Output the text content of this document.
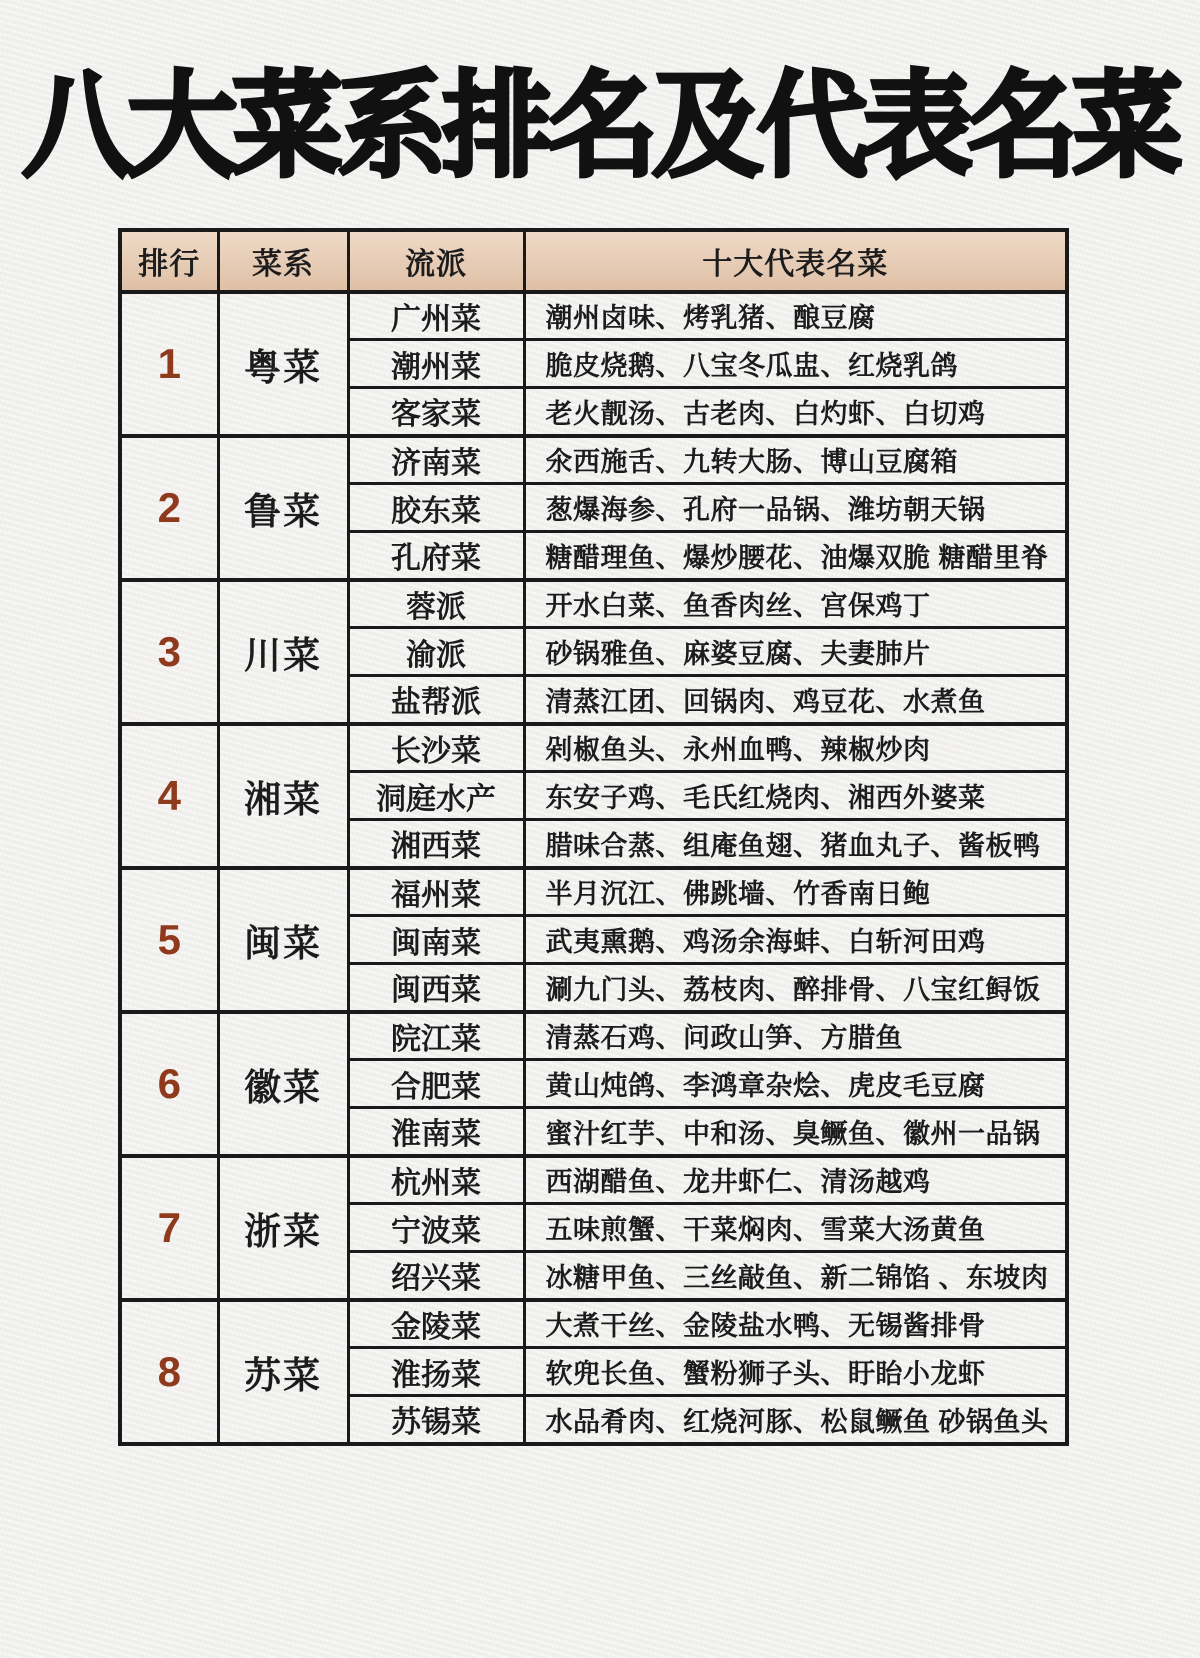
八大菜系排名及代表名菜
排行	菜系	流派	十大代表名菜
1	粤菜	广州菜	潮州卤味、烤乳猪、酿豆腐
		潮州菜	脆皮烧鹅、八宝冬瓜盅、红烧乳鸽
		客家菜	老火靓汤、古老肉、白灼虾、白切鸡
2	鲁菜	济南菜	氽西施舌、九转大肠、博山豆腐箱
		胶东菜	葱爆海参、孔府一品锅、潍坊朝天锅
		孔府菜	糖醋理鱼、爆炒腰花、油爆双脆 糖醋里脊
3	川菜	蓉派	开水白菜、鱼香肉丝、宫保鸡丁
		渝派	砂锅雅鱼、麻婆豆腐、夫妻肺片
		盐帮派	清蒸江团、回锅肉、鸡豆花、水煮鱼
4	湘菜	长沙菜	剁椒鱼头、永州血鸭、辣椒炒肉
		洞庭水产	东安子鸡、毛氏红烧肉、湘西外婆菜
		湘西菜	腊味合蒸、组庵鱼翅、猪血丸子、酱板鸭
5	闽菜	福州菜	半月沉江、佛跳墙、竹香南日鲍
		闽南菜	武夷熏鹅、鸡汤余海蚌、白斩河田鸡
		闽西菜	涮九门头、荔枝肉、醉排骨、八宝红鲟饭
6	徽菜	院江菜	清蒸石鸡、问政山笋、方腊鱼
		合肥菜	黄山炖鸽、李鸿章杂烩、虎皮毛豆腐
		淮南菜	蜜汁红芋、中和汤、臭鳜鱼、徽州一品锅
7	浙菜	杭州菜	西湖醋鱼、龙井虾仁、清汤越鸡
		宁波菜	五味煎蟹、干菜焖肉、雪菜大汤黄鱼
		绍兴菜	冰糖甲鱼、三丝敲鱼、新二锦馅 、东坡肉
8	苏菜	金陵菜	大煮干丝、金陵盐水鸭、无锡酱排骨
		淮扬菜	软兜长鱼、蟹粉狮子头、盱眙小龙虾
		苏锡菜	水品肴肉、红烧河豚、松鼠鳜鱼 砂锅鱼头
